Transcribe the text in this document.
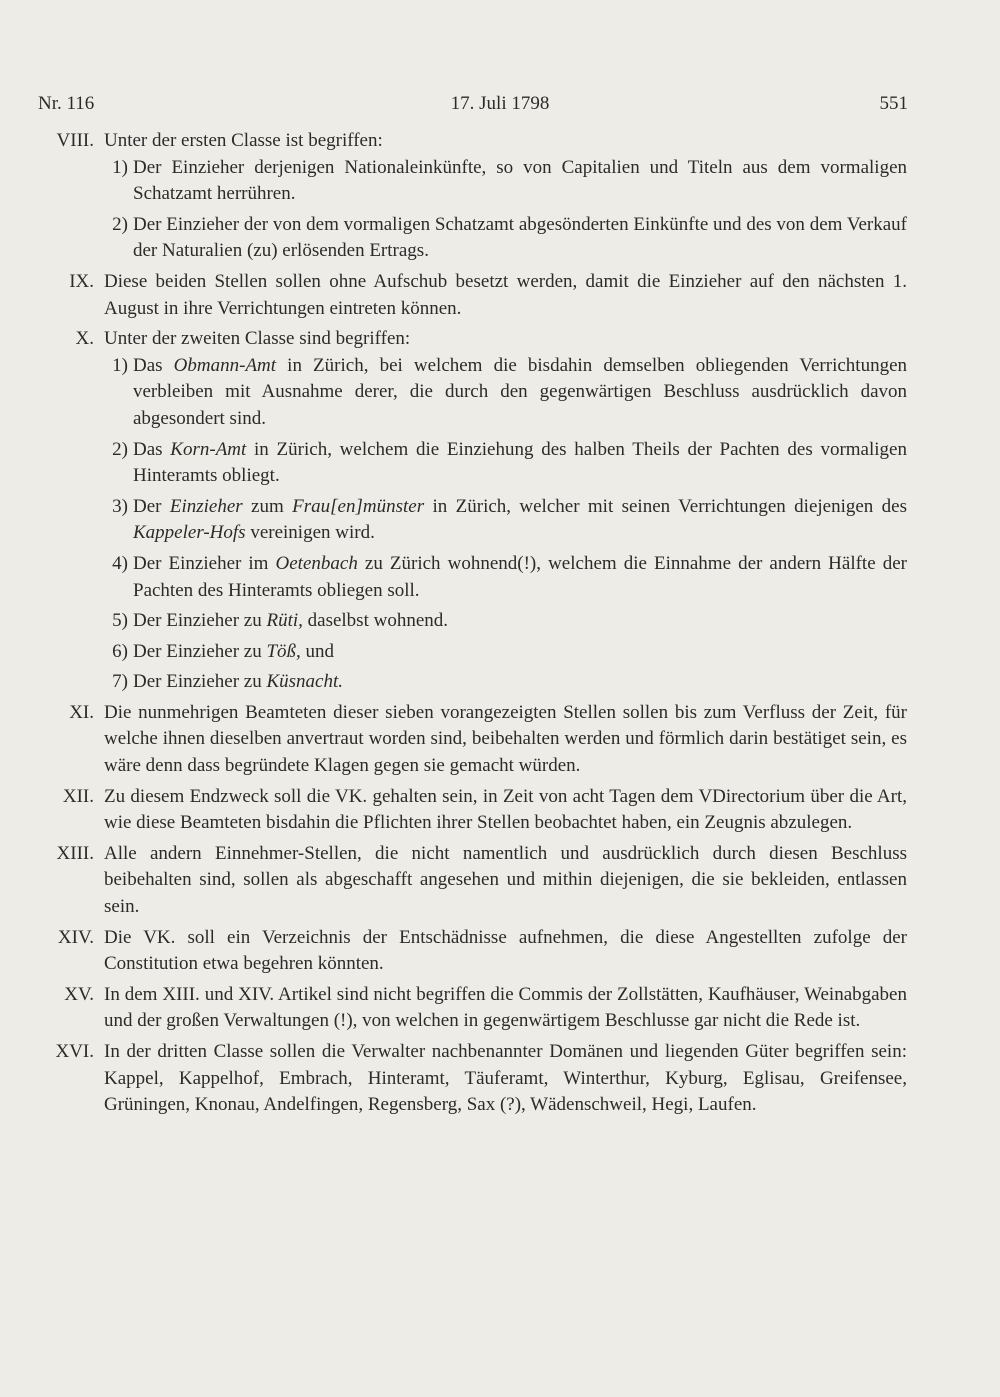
Nr. 116	17. Juli 1798	551
VIII. Unter der ersten Classe ist begriffen:
1) Der Einzieher derjenigen Nationaleinkünfte, so von Capitalien und Titeln aus dem vormaligen Schatzamt herrühren.
2) Der Einzieher der von dem vormaligen Schatzamt abgesönderten Einkünfte und des von dem Verkauf der Naturalien (zu) erlösenden Ertrags.
IX. Diese beiden Stellen sollen ohne Aufschub besetzt werden, damit die Einzieher auf den nächsten 1. August in ihre Verrichtungen eintreten können.
X. Unter der zweiten Classe sind begriffen:
1) Das Obmann-Amt in Zürich, bei welchem die bisdahin demselben obliegenden Verrichtungen verbleiben mit Ausnahme derer, die durch den gegenwärtigen Beschluss ausdrücklich davon abgesondert sind.
2) Das Korn-Amt in Zürich, welchem die Einziehung des halben Theils der Pachten des vormaligen Hinteramts obliegt.
3) Der Einzieher zum Frau[en]münster in Zürich, welcher mit seinen Verrichtungen diejenigen des Kappeler-Hofs vereinigen wird.
4) Der Einzieher im Oetenbach zu Zürich wohnend(!), welchem die Einnahme der andern Hälfte der Pachten des Hinteramts obliegen soll.
5) Der Einzieher zu Rüti, daselbst wohnend.
6) Der Einzieher zu Töß, und
7) Der Einzieher zu Küsnacht.
XI. Die nunmehrigen Beamteten dieser sieben vorangezeigten Stellen sollen bis zum Verfluss der Zeit, für welche ihnen dieselben anvertraut worden sind, beibehalten werden und förmlich darin bestätiget sein, es wäre denn dass begründete Klagen gegen sie gemacht würden.
XII. Zu diesem Endzweck soll die VK. gehalten sein, in Zeit von acht Tagen dem VDirectorium über die Art, wie diese Beamteten bisdahin die Pflichten ihrer Stellen beobachtet haben, ein Zeugnis abzulegen.
XIII. Alle andern Einnehmer-Stellen, die nicht namentlich und ausdrücklich durch diesen Beschluss beibehalten sind, sollen als abgeschafft angesehen und mithin diejenigen, die sie bekleiden, entlassen sein.
XIV. Die VK. soll ein Verzeichnis der Entschädnisse aufnehmen, die diese Angestellten zufolge der Constitution etwa begehren könnten.
XV. In dem XIII. und XIV. Artikel sind nicht begriffen die Commis der Zollstätten, Kaufhäuser, Weinabgaben und der großen Verwaltungen (!), von welchen in gegenwärtigem Beschlusse gar nicht die Rede ist.
XVI. In der dritten Classe sollen die Verwalter nachbenannter Domänen und liegenden Güter begriffen sein: Kappel, Kappelhof, Embrach, Hinteramt, Täuferamt, Winterthur, Kyburg, Eglisau, Greifensee, Grüningen, Knonau, Andelfingen, Regensberg, Sax (?), Wädenschweil, Hegi, Laufen.
